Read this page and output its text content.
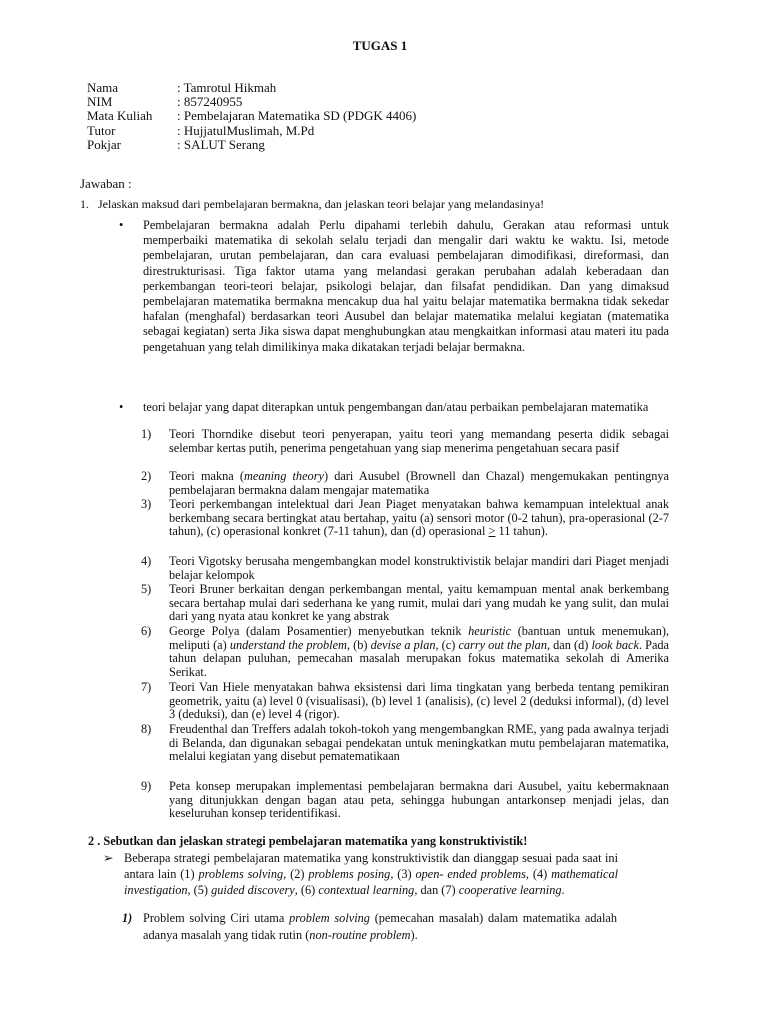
TUGAS 1
Nama	: Tamrotul Hikmah
NIM	: 857240955
Mata Kuliah	: Pembelajaran Matematika SD (PDGK 4406)
Tutor	: HujjatulMuslimah, M.Pd
Pokjar	: SALUT Serang
Jawaban :
1. Jelaskan maksud dari pembelajaran bermakna, dan jelaskan teori belajar yang melandasinya!
• Pembelajaran bermakna adalah Perlu dipahami terlebih dahulu, Gerakan atau reformasi untuk memperbaiki matematika di sekolah selalu terjadi dan mengalir dari waktu ke waktu. Isi, metode pembelajaran, urutan pembelajaran, dan cara evaluasi pembelajaran dimodifikasi, direformasi, dan direstrukturisasi. Tiga faktor utama yang melandasi gerakan perubahan adalah keberadaan dan perkembangan teori-teori belajar, psikologi belajar, dan filsafat pendidikan. Dan yang dimaksud pembelajaran matematika bermakna mencakup dua hal yaitu belajar matematika bermakna tidak sekedar hafalan (menghafal) berdasarkan teori Ausubel dan belajar matematika melalui kegiatan (matematika sebagai kegiatan) serta Jika siswa dapat menghubungkan atau mengkaitkan informasi atau materi itu pada pengetahuan yang telah dimilikinya maka dikatakan terjadi belajar bermakna.
• teori belajar yang dapat diterapkan untuk pengembangan dan/atau perbaikan pembelajaran matematika
1)	Teori Thorndike disebut teori penyerapan, yaitu teori yang memandang peserta didik sebagai selembar kertas putih, penerima pengetahuan yang siap menerima pengetahuan secara pasif
2)	Teori makna (meaning theory) dari Ausubel (Brownell dan Chazal) mengemukakan pentingnya pembelajaran bermakna dalam mengajar matematika
3)	Teori perkembangan intelektual dari Jean Piaget menyatakan bahwa kemampuan intelektual anak berkembang secara bertingkat atau bertahap, yaitu (a) sensori motor (0-2 tahun), pra-operasional (2-7 tahun), (c) operasional konkret (7-11 tahun), dan (d) operasional ≥ 11 tahun).
4)	Teori Vigotsky berusaha mengembangkan model konstruktivistik belajar mandiri dari Piaget menjadi belajar kelompok
5)	Teori Bruner berkaitan dengan perkembangan mental, yaitu kemampuan mental anak berkembang secara bertahap mulai dari sederhana ke yang rumit, mulai dari yang mudah ke yang sulit, dan mulai dari yang nyata atau konkret ke yang abstrak
6)	George Polya (dalam Posamentier) menyebutkan teknik heuristic (bantuan untuk menemukan), meliputi (a) understand the problem, (b) devise a plan, (c) carry out the plan, dan (d) look back. Pada tahun delapan puluhan, pemecahan masalah merupakan fokus matematika sekolah di Amerika Serikat.
7)	Teori Van Hiele menyatakan bahwa eksistensi dari lima tingkatan yang berbeda tentang pemikiran geometrik, yaitu (a) level 0 (visualisasi), (b) level 1 (analisis), (c) level 2 (deduksi informal), (d) level 3 (deduksi), dan (e) level 4 (rigor).
8)	Freudenthal dan Treffers adalah tokoh-tokoh yang mengembangkan RME, yang pada awalnya terjadi di Belanda, dan digunakan sebagai pendekatan untuk meningkatkan mutu pembelajaran matematika, melalui kegiatan yang disebut pematematikaan
9)	Peta konsep merupakan implementasi pembelajaran bermakna dari Ausubel, yaitu kebermaknaan yang ditunjukkan dengan bagan atau peta, sehingga hubungan antarkonsep menjadi jelas, dan keseluruhan konsep teridentifikasi.
2 . Sebutkan dan jelaskan strategi pembelajaran matematika yang konstruktivistik!
➢ Beberapa strategi pembelajaran matematika yang konstruktivistik dan dianggap sesuai pada saat ini antara lain (1) problems solving, (2) problems posing, (3) open- ended problems, (4) mathematical investigation, (5) guided discovery, (6) contextual learning, dan (7) cooperative learning.
1) Problem solving Ciri utama problem solving (pemecahan masalah) dalam matematika adalah adanya masalah yang tidak rutin (non-routine problem).
